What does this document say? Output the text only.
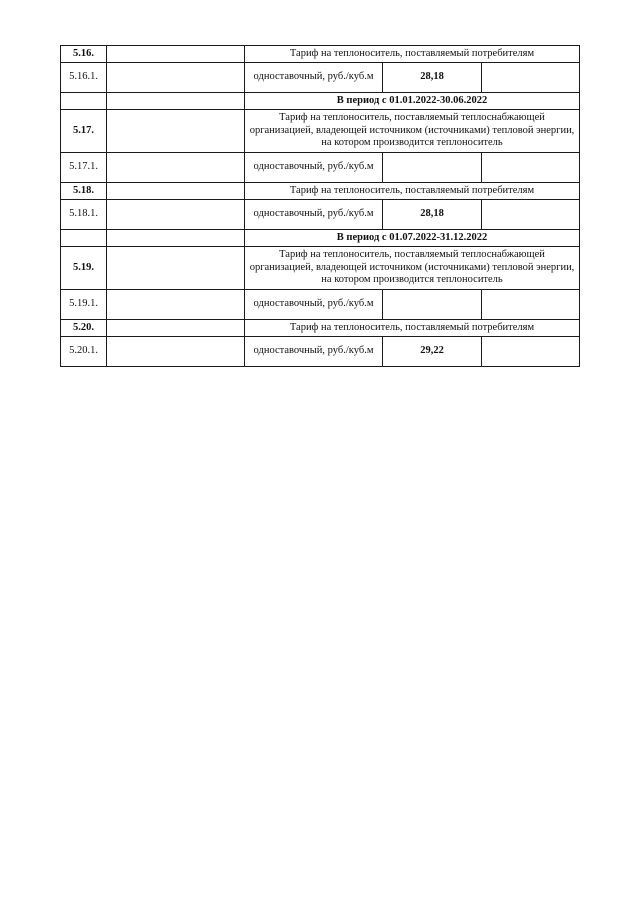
5.16.		Тариф на теплоноситель, поставляемый потребителям		
5.16.1.		одноставочный, руб./куб.м	28,18	
		В период с 01.01.2022-30.06.2022		
5.17.		Тариф на теплоноситель, поставляемый теплоснабжающей организацией, владеющей источником (источниками) тепловой энергии, на котором производится теплоноситель		
5.17.1.		одноставочный, руб./куб.м		
5.18.		Тариф на теплоноситель, поставляемый потребителям		
5.18.1.		одноставочный, руб./куб.м	28,18	
		В период с 01.07.2022-31.12.2022		
5.19.		Тариф на теплоноситель, поставляемый теплоснабжающей организацией, владеющей источником (источниками) тепловой энергии, на котором производится теплоноситель		
5.19.1.		одноставочный, руб./куб.м		
5.20.		Тариф на теплоноситель, поставляемый потребителям		
5.20.1.		одноставочный, руб./куб.м	29,22	
